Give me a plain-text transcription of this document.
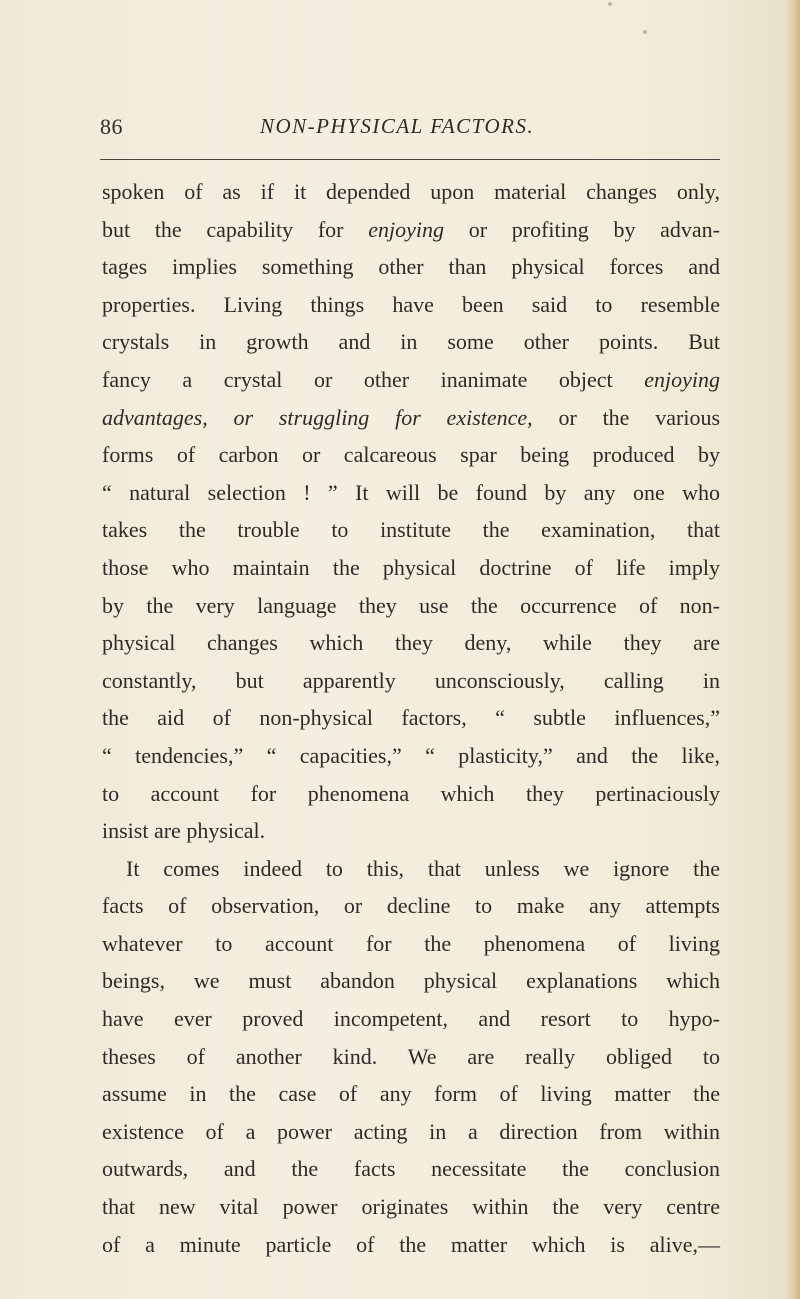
86	NON-PHYSICAL FACTORS.
spoken of as if it depended upon material changes only,
but the capability for enjoying or profiting by advan-
tages implies something other than physical forces and
properties. Living things have been said to resemble
crystals in growth and in some other points. But
fancy a crystal or other inanimate object enjoying
advantages, or struggling for existence, or the various
forms of carbon or calcareous spar being produced by
“ natural selection ! ” It will be found by any one who
takes the trouble to institute the examination, that
those who maintain the physical doctrine of life imply
by the very language they use the occurrence of non-
physical changes which they deny, while they are
constantly, but apparently unconsciously, calling in
the aid of non-physical factors, “ subtle influences,”
“ tendencies,” “ capacities,” “ plasticity,” and the like,
to account for phenomena which they pertinaciously
insist are physical.
It comes indeed to this, that unless we ignore the
facts of observation, or decline to make any attempts
whatever to account for the phenomena of living
beings, we must abandon physical explanations which
have ever proved incompetent, and resort to hypo-
theses of another kind. We are really obliged to
assume in the case of any form of living matter the
existence of a power acting in a direction from within
outwards, and the facts necessitate the conclusion
that new vital power originates within the very centre
of a minute particle of the matter which is alive,—
